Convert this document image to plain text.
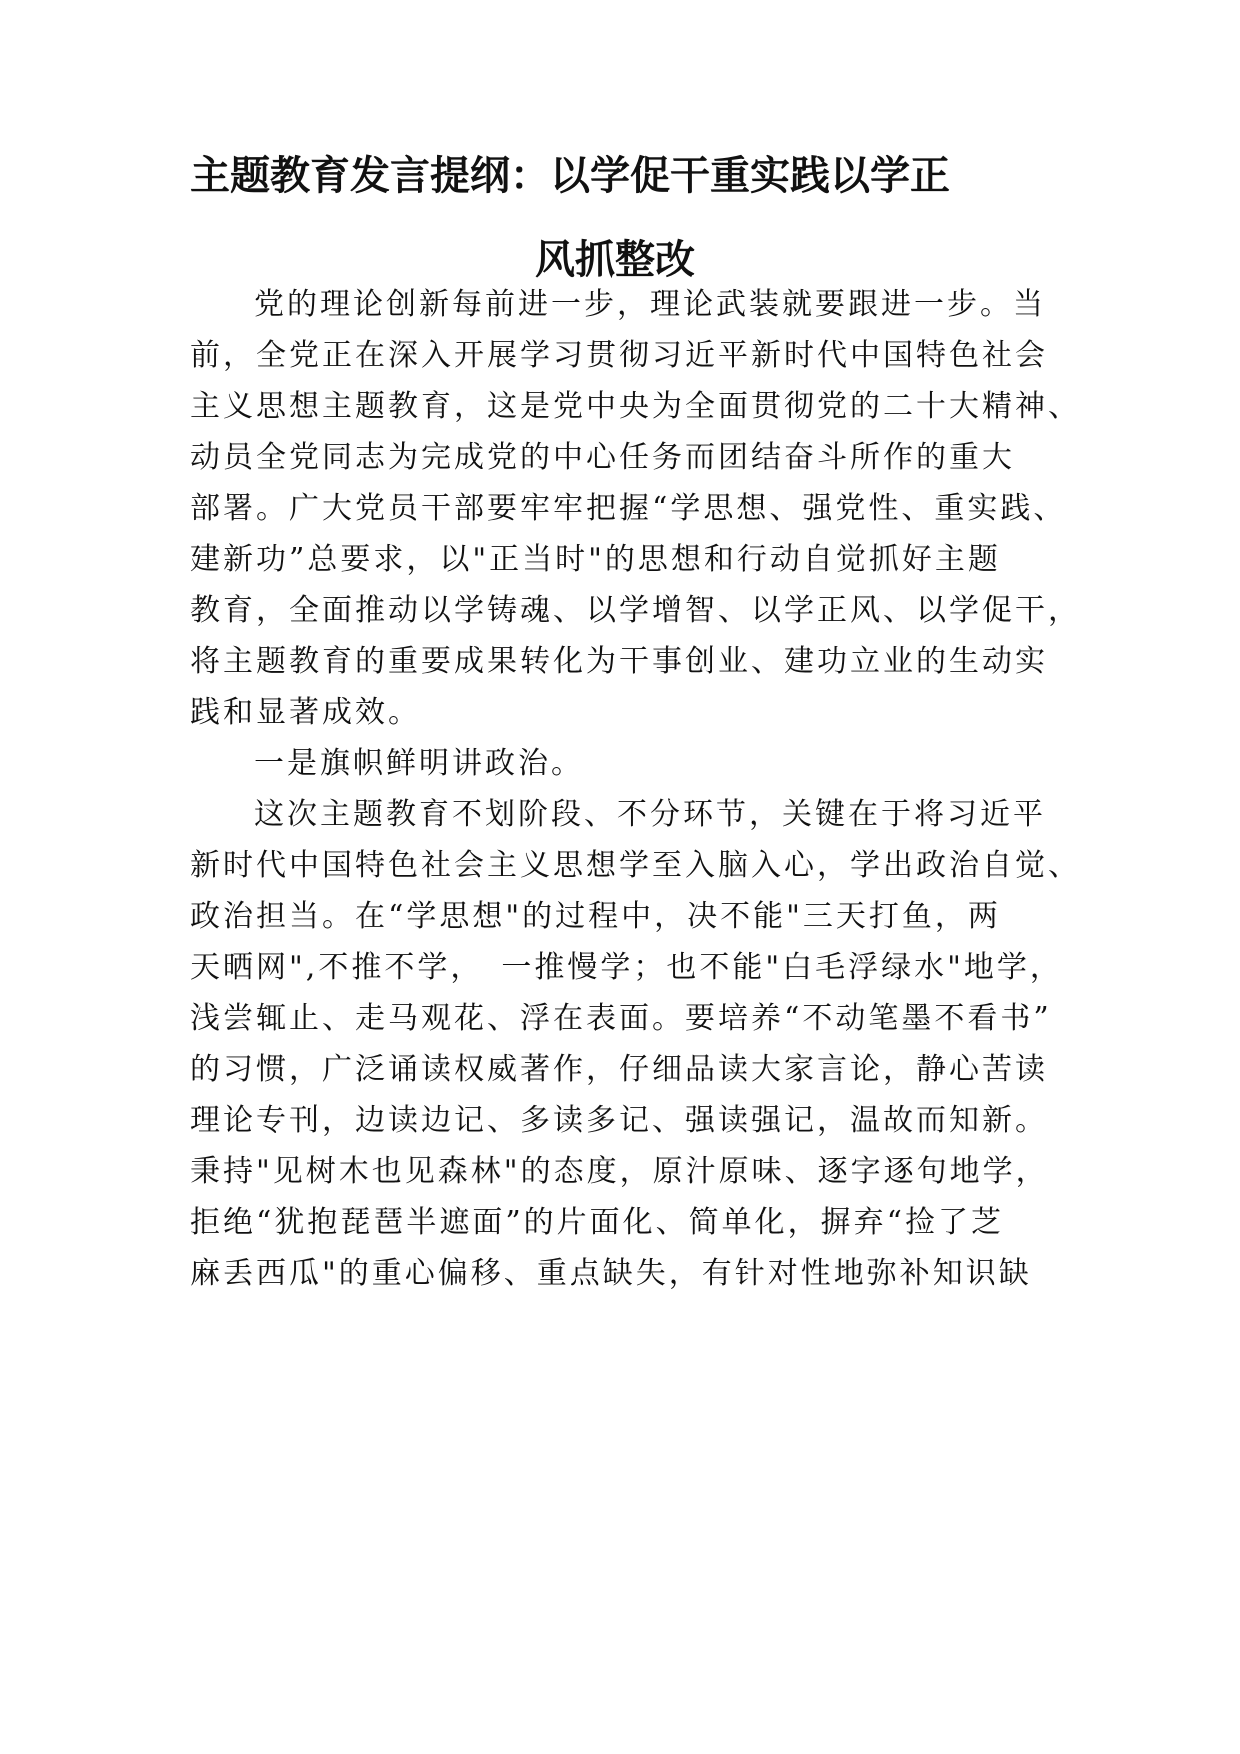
主题教育发言提纲：以学促干重实践以学正
风抓整改
党的理论创新每前进一步，理论武装就要跟进一步。当
前，全党正在深入开展学习贯彻习近平新时代中国特色社会
主义思想主题教育，这是党中央为全面贯彻党的二十大精神、
动员全党同志为完成党的中心任务而团结奋斗所作的重大
部署。广大党员干部要牢牢把握“学思想、强党性、重实践、
建新功”总要求，以"正当时"的思想和行动自觉抓好主题
教育，全面推动以学铸魂、以学增智、以学正风、以学促干，
将主题教育的重要成果转化为干事创业、建功立业的生动实
践和显著成效。
一是旗帜鲜明讲政治。
这次主题教育不划阶段、不分环节，关键在于将习近平
新时代中国特色社会主义思想学至入脑入心，学出政治自觉、
政治担当。在“学思想"的过程中，决不能"三天打鱼，两
天晒网",不推不学，　一推慢学；也不能"白毛浮绿水"地学，
浅尝辄止、走马观花、浮在表面。要培养“不动笔墨不看书”
的习惯，广泛诵读权威著作，仔细品读大家言论，静心苦读
理论专刊，边读边记、多读多记、强读强记，温故而知新。
秉持"见树木也见森林"的态度，原汁原味、逐字逐句地学，
拒绝“犹抱琵琶半遮面”的片面化、简单化，摒弃“捡了芝
麻丢西瓜"的重心偏移、重点缺失，有针对性地弥补知识缺
